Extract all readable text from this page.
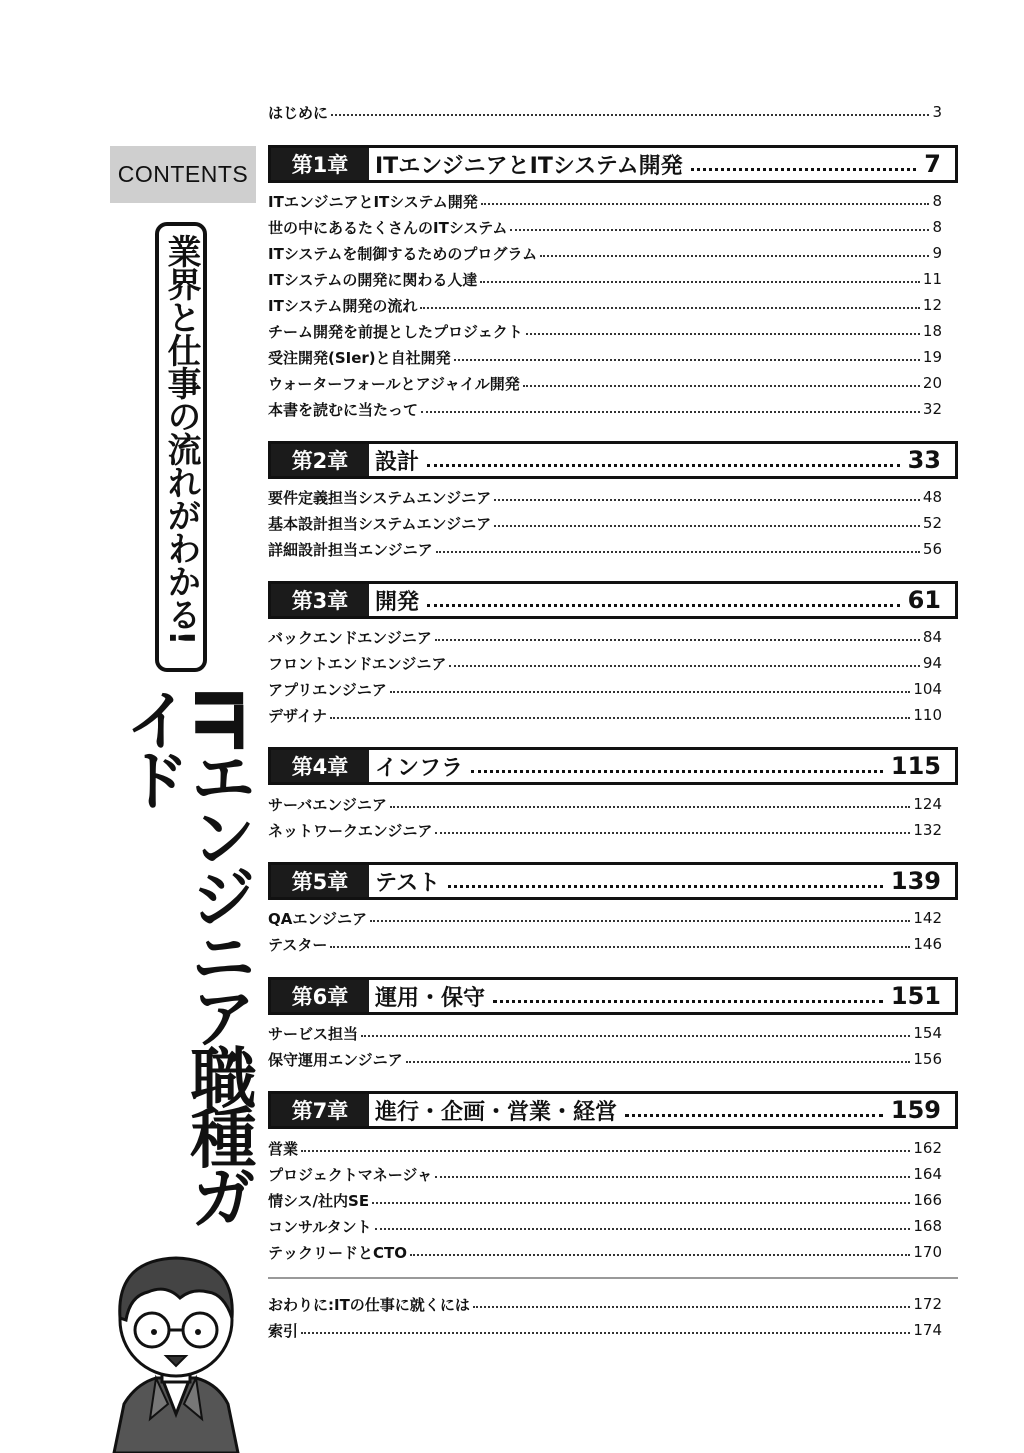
CONTENTS
業界と仕事の流れがわかる!
ITエンジニア職種ガイド
はじめに	3
第1章	ITエンジニアとITシステム開発	7
ITエンジニアとITシステム開発	8
世の中にあるたくさんのITシステム	8
ITシステムを制御するためのプログラム	9
ITシステムの開発に関わる人達	11
ITシステム開発の流れ	12
チーム開発を前提としたプロジェクト	18
受注開発(SIer)と自社開発	19
ウォーターフォールとアジャイル開発	20
本書を読むに当たって	32
第2章	設計	33
要件定義担当システムエンジニア	48
基本設計担当システムエンジニア	52
詳細設計担当エンジニア	56
第3章	開発	61
バックエンドエンジニア	84
フロントエンドエンジニア	94
アプリエンジニア	104
デザイナ	110
第4章	インフラ	115
サーバエンジニア	124
ネットワークエンジニア	132
第5章	テスト	139
QAエンジニア	142
テスター	146
第6章	運用・保守	151
サービス担当	154
保守運用エンジニア	156
第7章	進行・企画・営業・経営	159
営業	162
プロジェクトマネージャ	164
情シス/社内SE	166
コンサルタント	168
テックリードとCTO	170
おわりに:ITの仕事に就くには	172
索引	174
